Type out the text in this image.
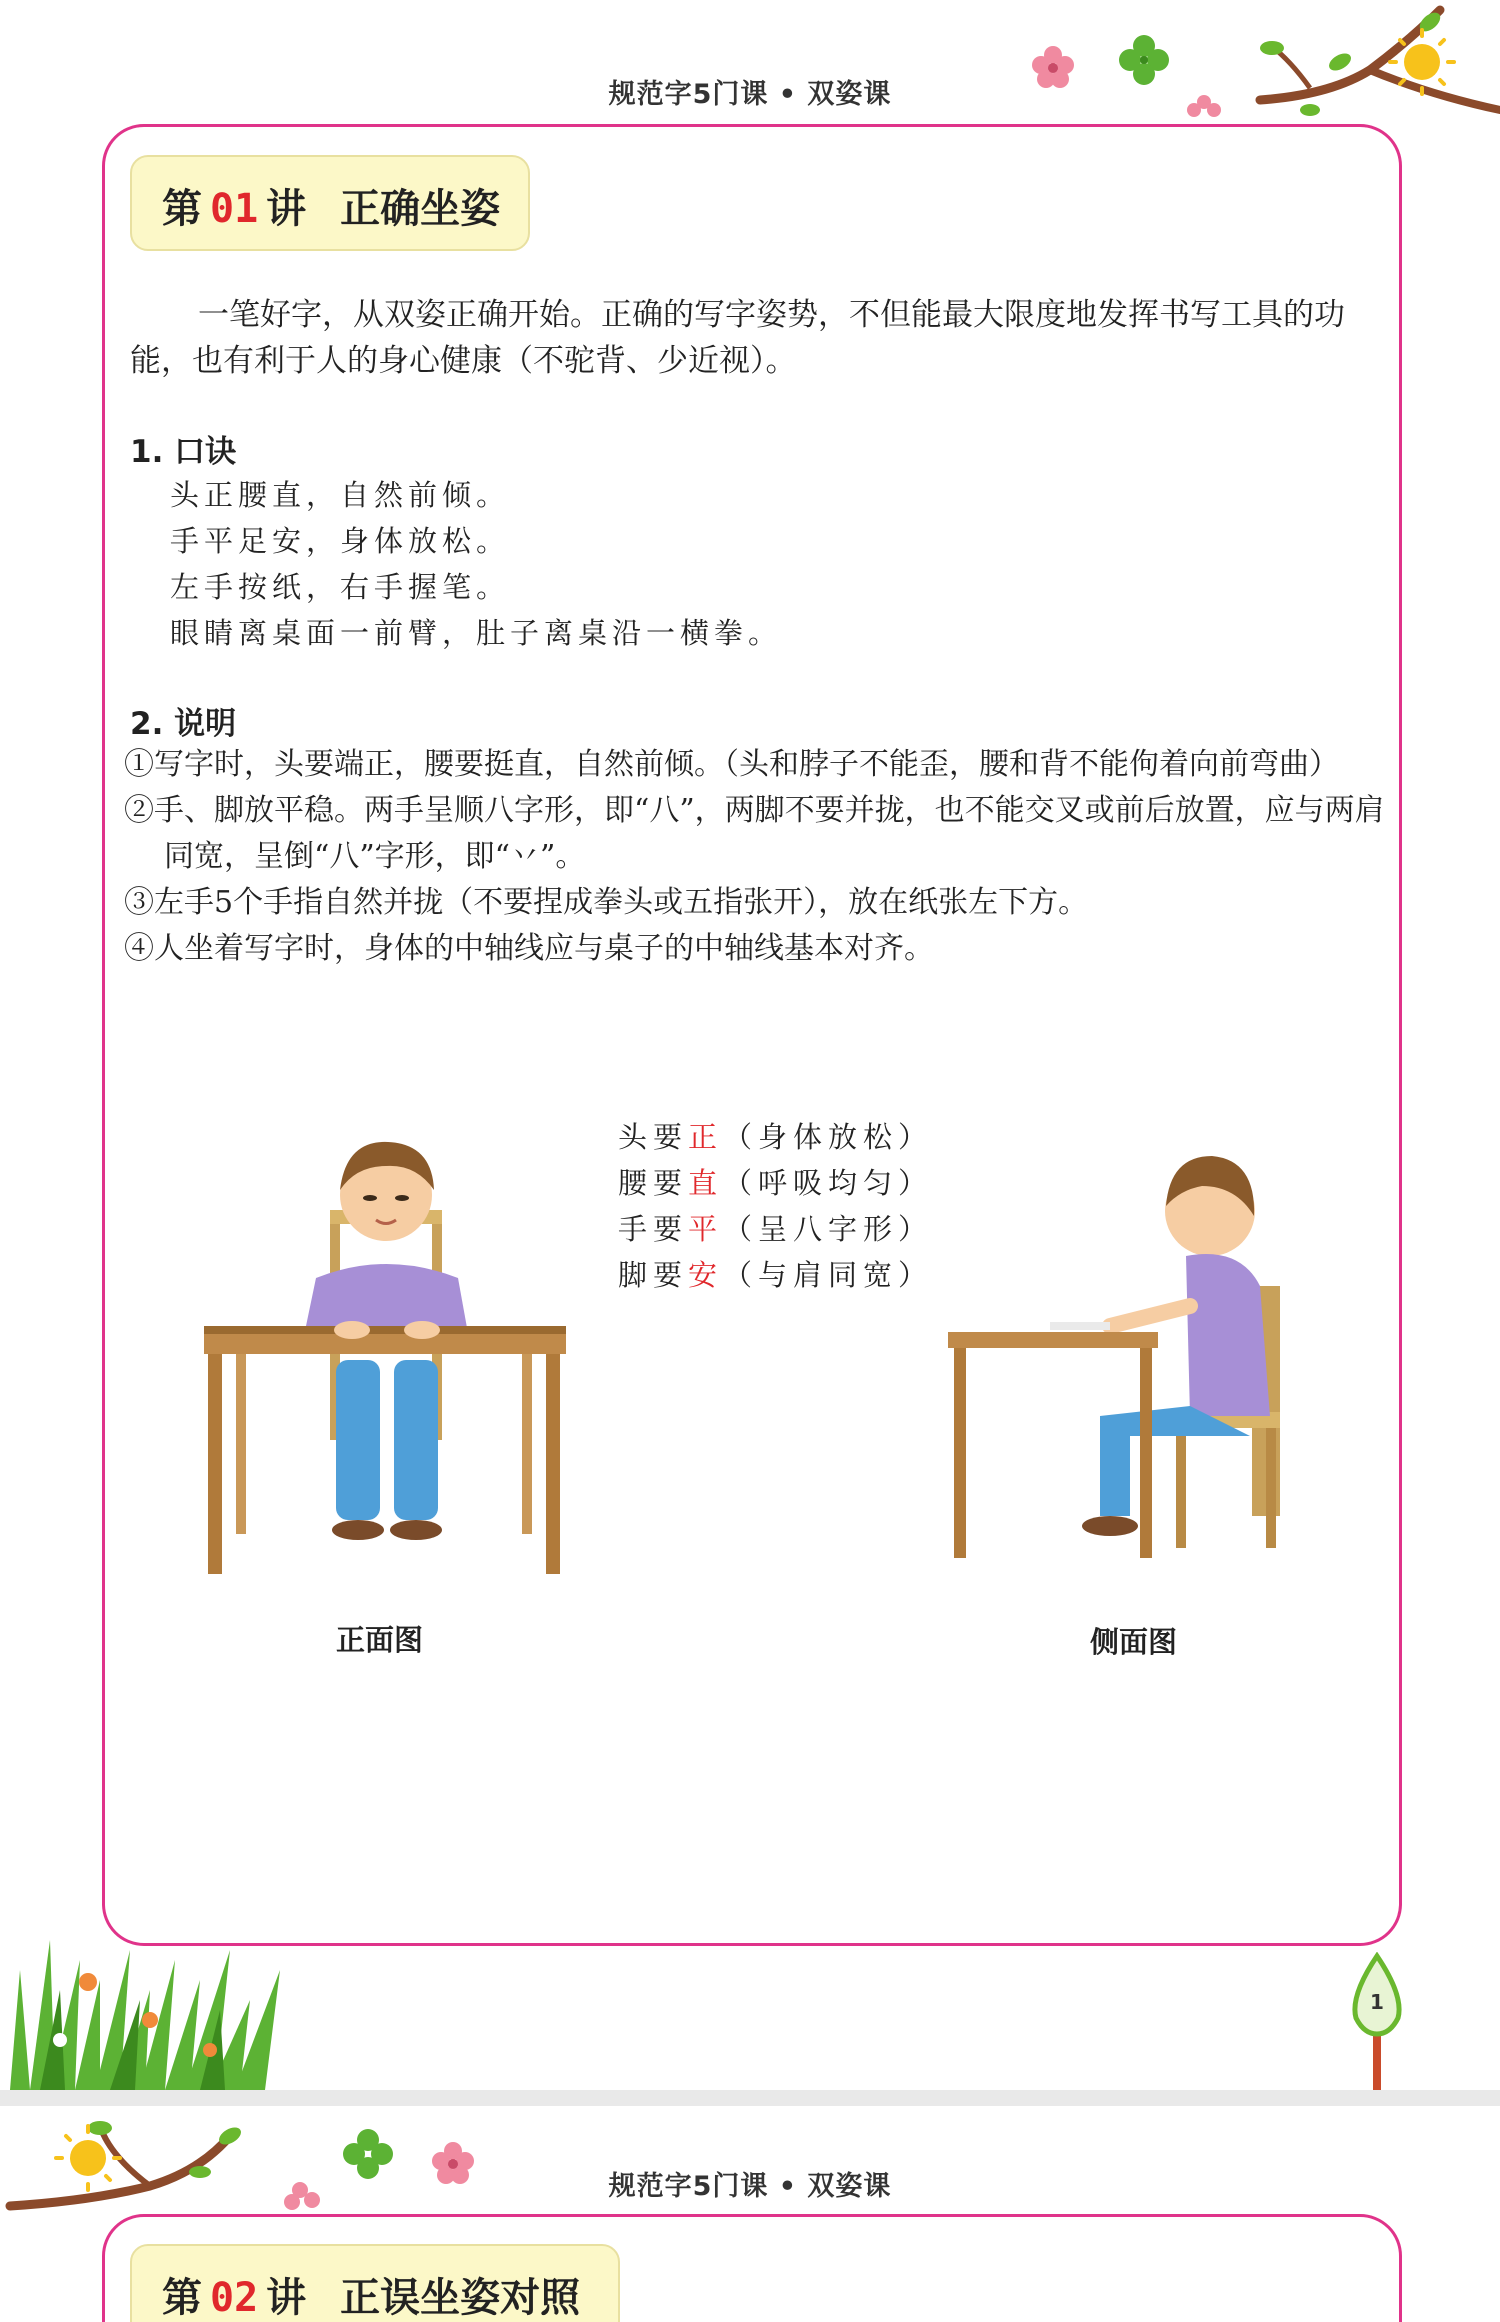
规范字5门课 • 双姿课
第 01 讲 正确坐姿
一笔好字，从双姿正确开始。正确的写字姿势，不但能最大限度地发挥书写工具的功能，也有利于人的身心健康（不驼背、少近视）。
1. 口诀
头正腰直，自然前倾。
手平足安，身体放松。
左手按纸，右手握笔。
眼睛离桌面一前臂，肚子离桌沿一横拳。
2. 说明
①写字时，头要端正，腰要挺直，自然前倾。（头和脖子不能歪，腰和背不能佝着向前弯曲）
②手、脚放平稳。两手呈顺八字形，即“八”，两脚不要并拢，也不能交叉或前后放置，应与两肩同宽，呈倒“八”字形，即“丷”。
③左手5个手指自然并拢（不要捏成拳头或五指张开），放在纸张左下方。
④人坐着写字时，身体的中轴线应与桌子的中轴线基本对齐。
头要正（身体放松）
腰要直（呼吸均匀）
手要平（呈八字形）
脚要安（与肩同宽）
正面图	侧面图
1
规范字5门课 • 双姿课
第 02 讲 正误坐姿对照
